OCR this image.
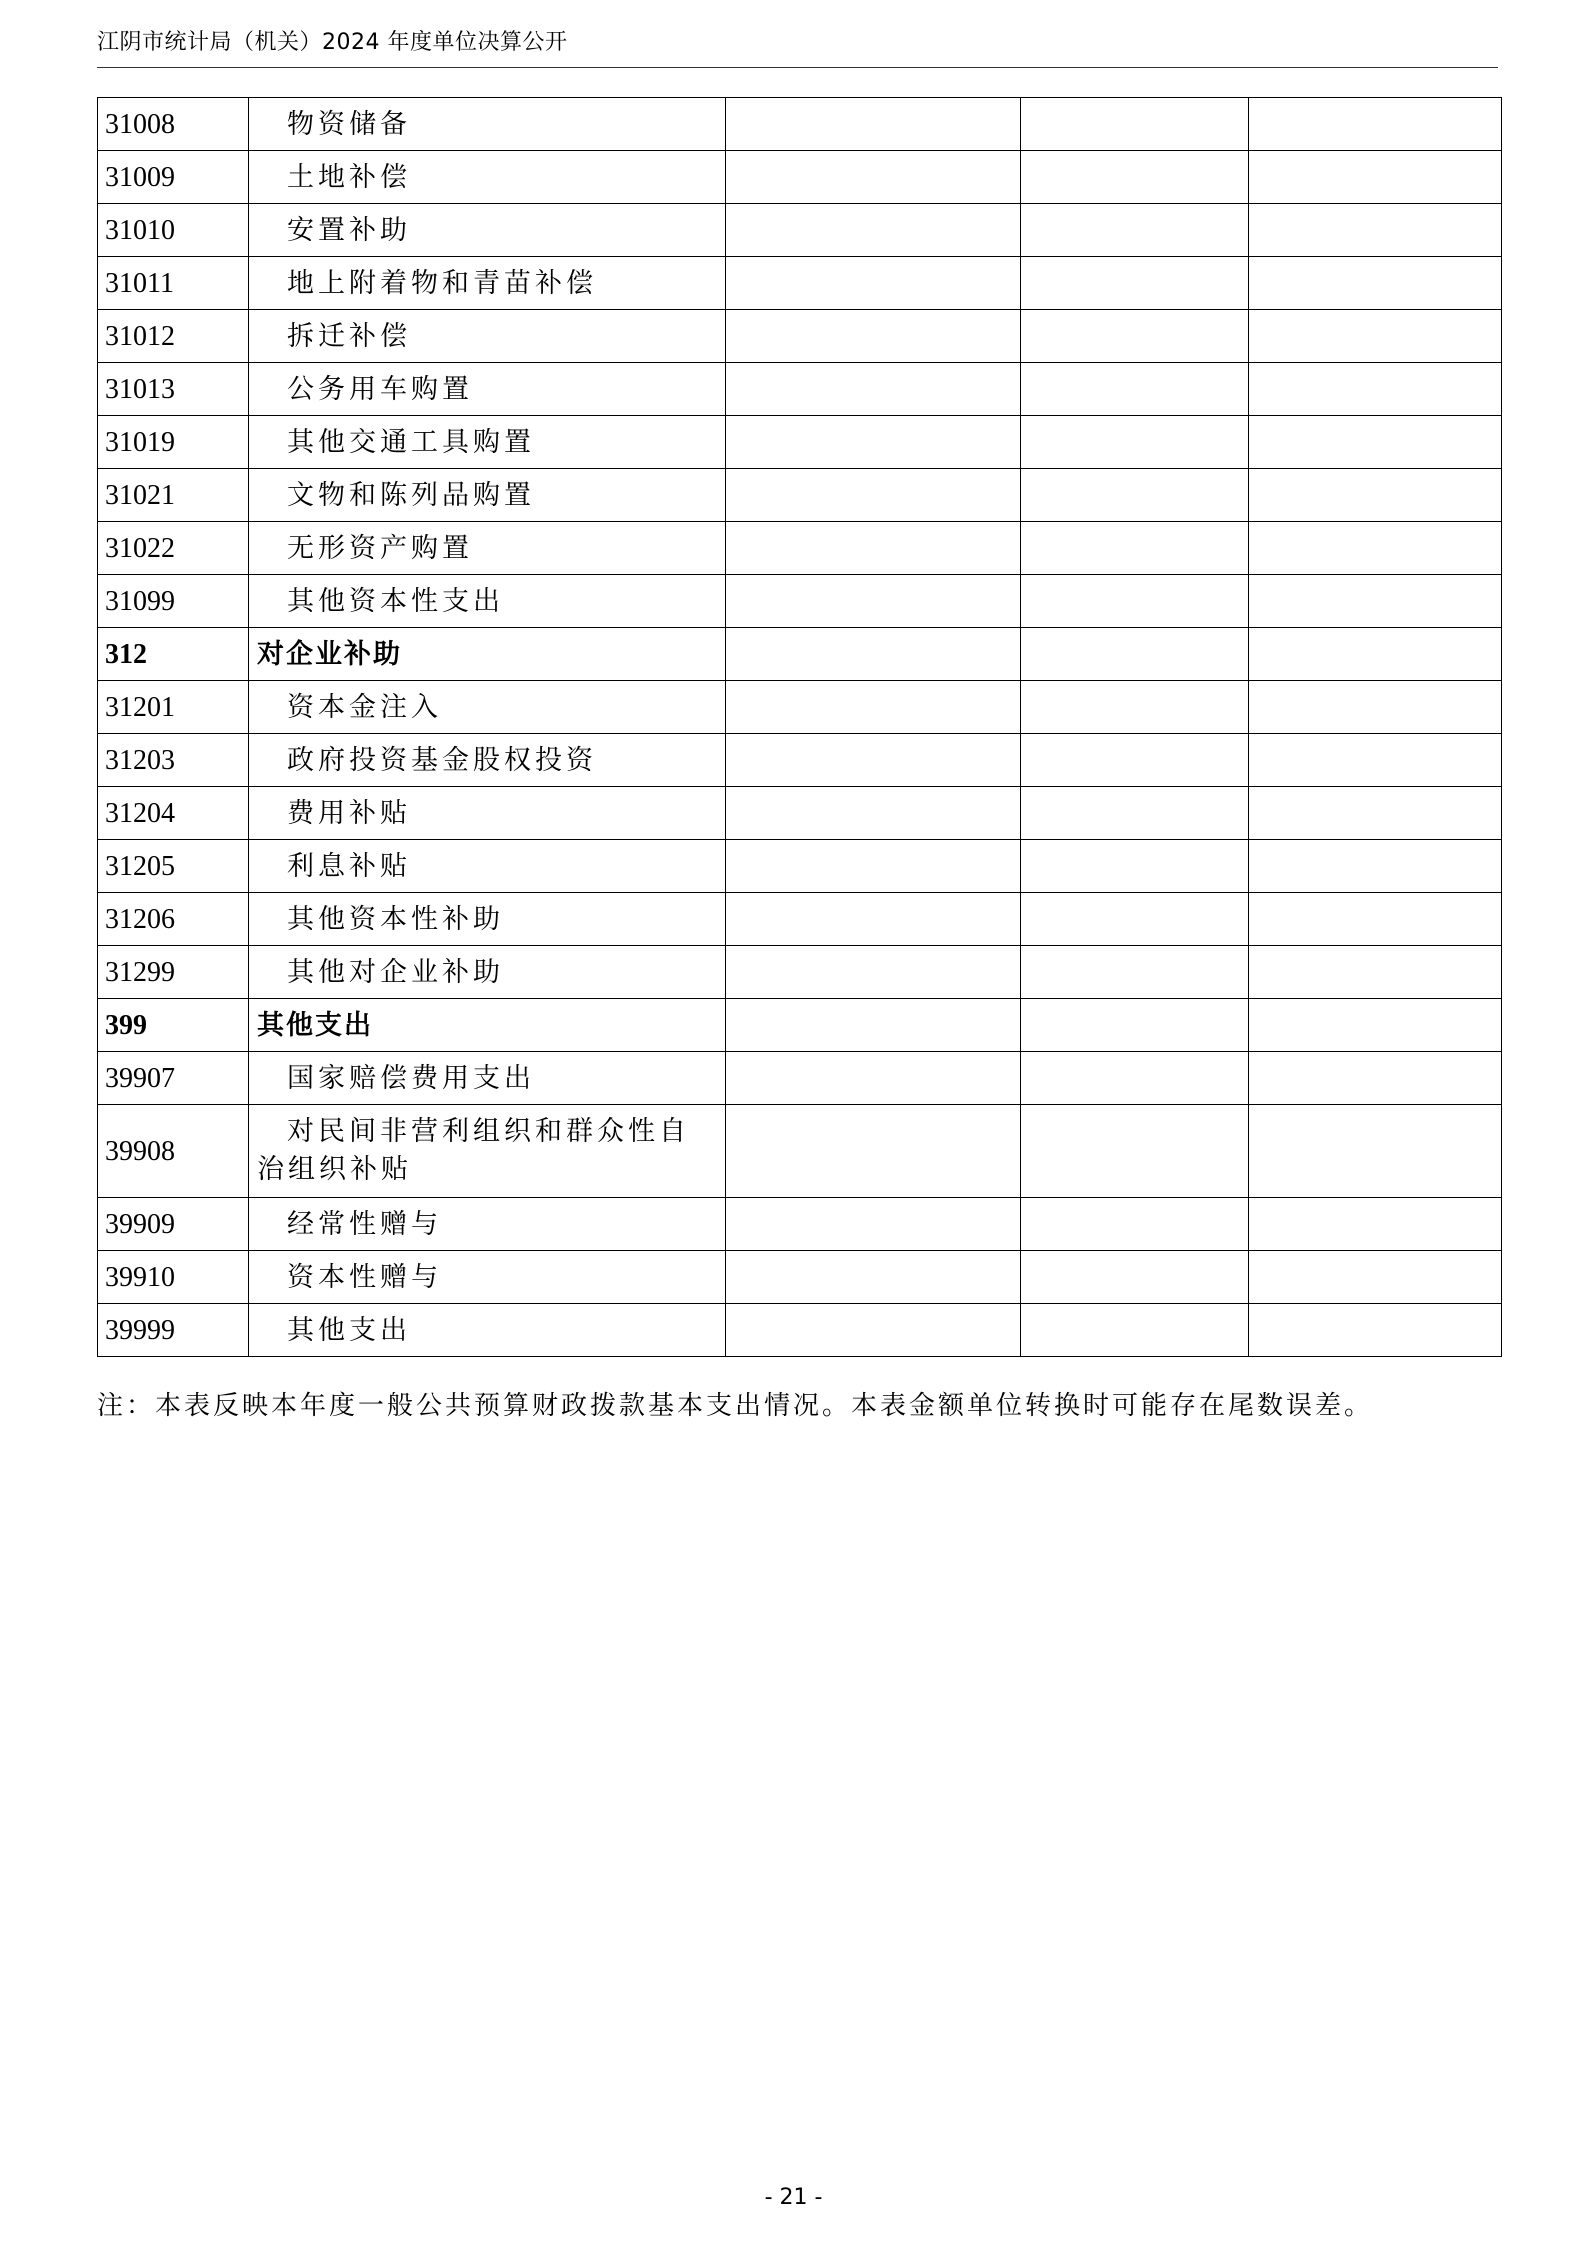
江阴市统计局（机关）2024 年度单位决算公开
31008	物资储备			
31009	土地补偿			
31010	安置补助			
31011	地上附着物和青苗补偿			
31012	拆迁补偿			
31013	公务用车购置			
31019	其他交通工具购置			
31021	文物和陈列品购置			
31022	无形资产购置			
31099	其他资本性支出			
312	对企业补助			
31201	资本金注入			
31203	政府投资基金股权投资			
31204	费用补贴			
31205	利息补贴			
31206	其他资本性补助			
31299	其他对企业补助			
399	其他支出			
39907	国家赔偿费用支出			
39908	对民间非营利组织和群众性自治组织补贴			
39909	经常性赠与			
39910	资本性赠与			
39999	其他支出			
注：本表反映本年度一般公共预算财政拨款基本支出情况。本表金额单位转换时可能存在尾数误差。
- 21 -
